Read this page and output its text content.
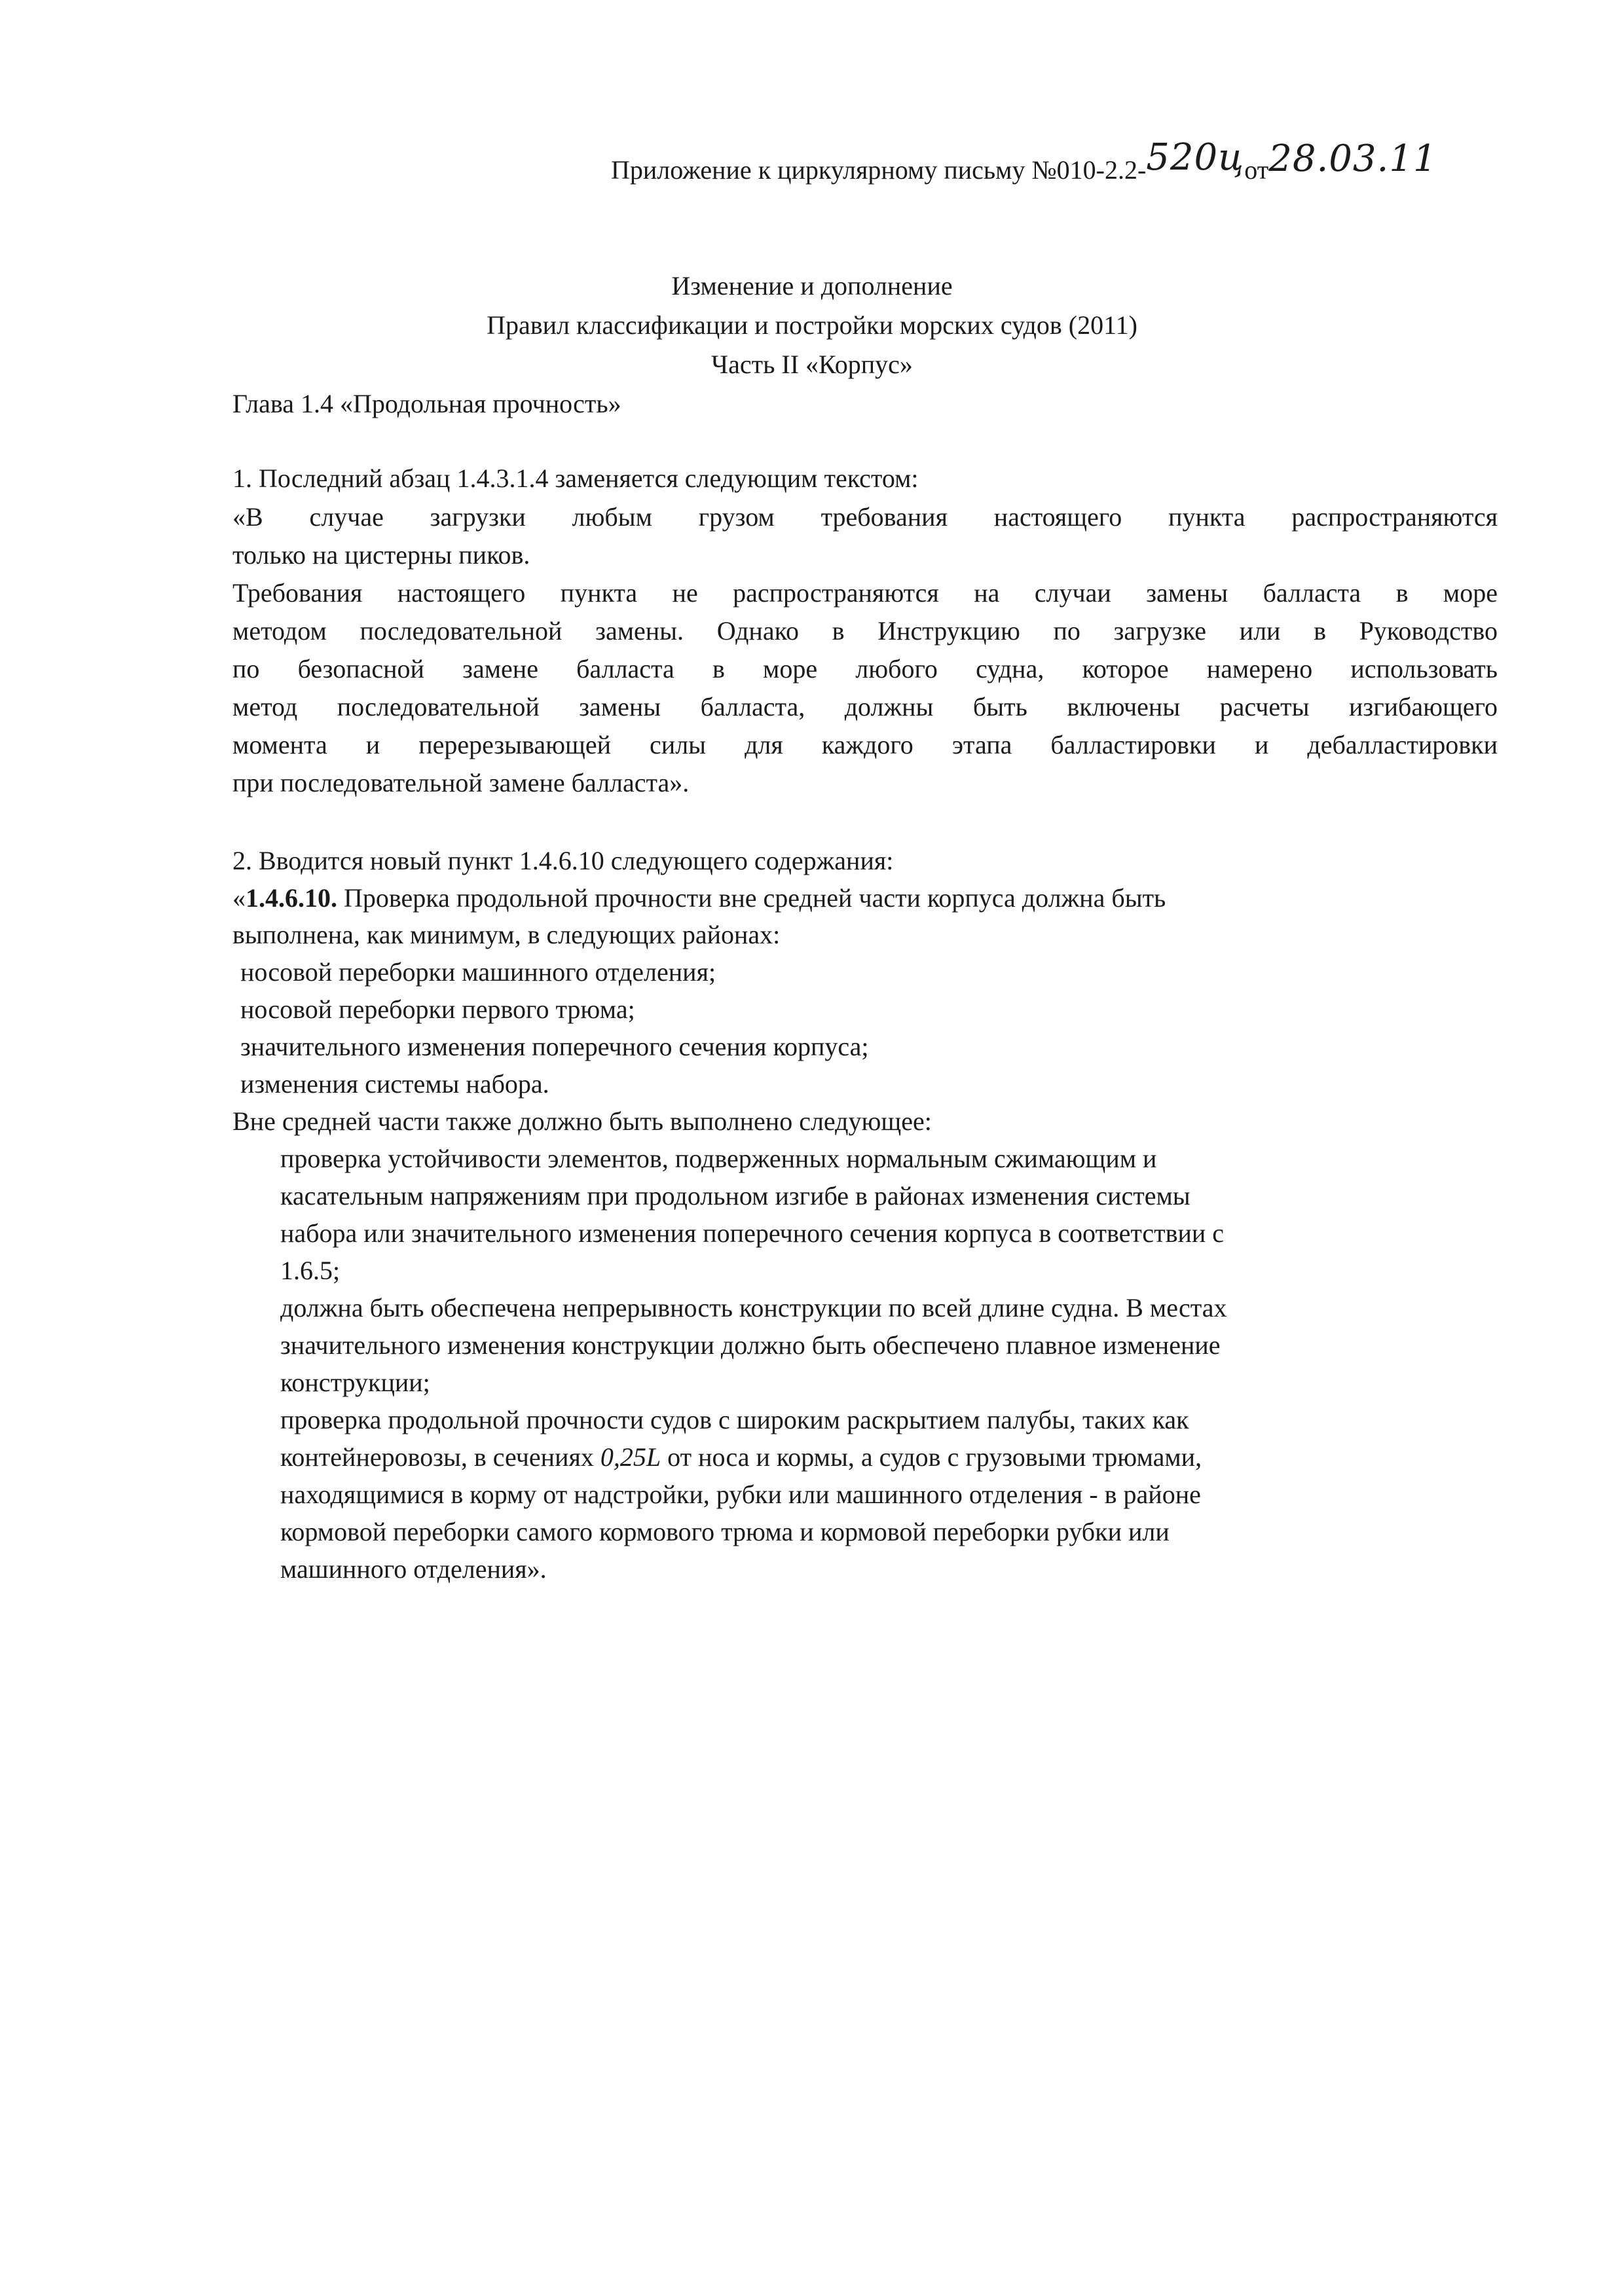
Приложение к циркулярному письму №010-2.2-520цот28.03.11
Изменение и дополнение
Правил классификации и постройки морских судов (2011)
Часть II «Корпус»
Глава 1.4 «Продольная прочность»
1. Последний абзац 1.4.3.1.4 заменяется следующим текстом:
«В случае загрузки любым грузом требования настоящего пункта распространяются
только на цистерны пиков.
Требования настоящего пункта не распространяются на случаи замены балласта в море
методом последовательной замены. Однако в Инструкцию по загрузке или в Руководство
по безопасной замене балласта в море любого судна, которое намерено использовать
метод последовательной замены балласта, должны быть включены расчеты изгибающего
момента и перерезывающей силы для каждого этапа балластировки и дебалластировки
при последовательной замене балласта».
2. Вводится новый пункт 1.4.6.10 следующего содержания:
«1.4.6.10. Проверка продольной прочности вне средней части корпуса должна быть
выполнена, как минимум, в следующих районах:
носовой переборки машинного отделения;
носовой переборки первого трюма;
значительного изменения поперечного сечения корпуса;
изменения системы набора.
Вне средней части также должно быть выполнено следующее:
проверка устойчивости элементов, подверженных нормальным сжимающим и
касательным напряжениям при продольном изгибе в районах изменения системы
набора или значительного изменения поперечного сечения корпуса в соответствии с
1.6.5;
должна быть обеспечена непрерывность конструкции по всей длине судна. В местах
значительного изменения конструкции должно быть обеспечено плавное изменение
конструкции;
проверка продольной прочности судов с широким раскрытием палубы, таких как
контейнеровозы, в сечениях 0,25L от носа и кормы, а судов с грузовыми трюмами,
находящимися в корму от надстройки, рубки или машинного отделения - в районе
кормовой переборки самого кормового трюма и кормовой переборки рубки или
машинного отделения».
